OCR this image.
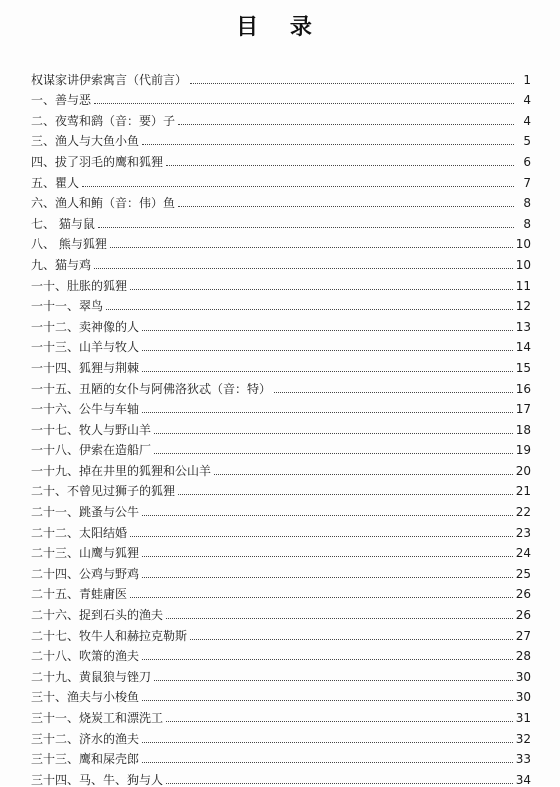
目 录
权谋家讲伊索寓言（代前言）	1
一、善与恶	4
二、夜莺和鹞（音：要）子	4
三、渔人与大鱼小鱼	5
四、拔了羽毛的鹰和狐狸	6
五、瞿人	7
六、渔人和鲔（音：伟）鱼	8
七、 猫与鼠	8
八、 熊与狐狸	10
九、猫与鸡	10
一十、肚胀的狐狸	11
一十一、翠鸟	12
一十二、卖神像的人	13
一十三、山羊与牧人	14
一十四、狐狸与荆棘	15
一十五、丑陋的女仆与阿佛洛狄忒（音：特）	16
一十六、公牛与车轴	17
一十七、牧人与野山羊	18
一十八、伊索在造船厂	19
一十九、掉在井里的狐狸和公山羊	20
二十、不曾见过狮子的狐狸	21
二十一、跳蚤与公牛	22
二十二、太阳结婚	23
二十三、山鹰与狐狸	24
二十四、公鸡与野鸡	25
二十五、青蛙庸医	26
二十六、捉到石头的渔夫	26
二十七、牧牛人和赫拉克勒斯	27
二十八、吹箫的渔夫	28
二十九、黄鼠狼与锉刀	30
三十、渔夫与小梭鱼	30
三十一、烧炭工和漂洗工	31
三十二、济水的渔夫	32
三十三、鹰和屎壳郎	33
三十四、马、牛、狗与人	34
